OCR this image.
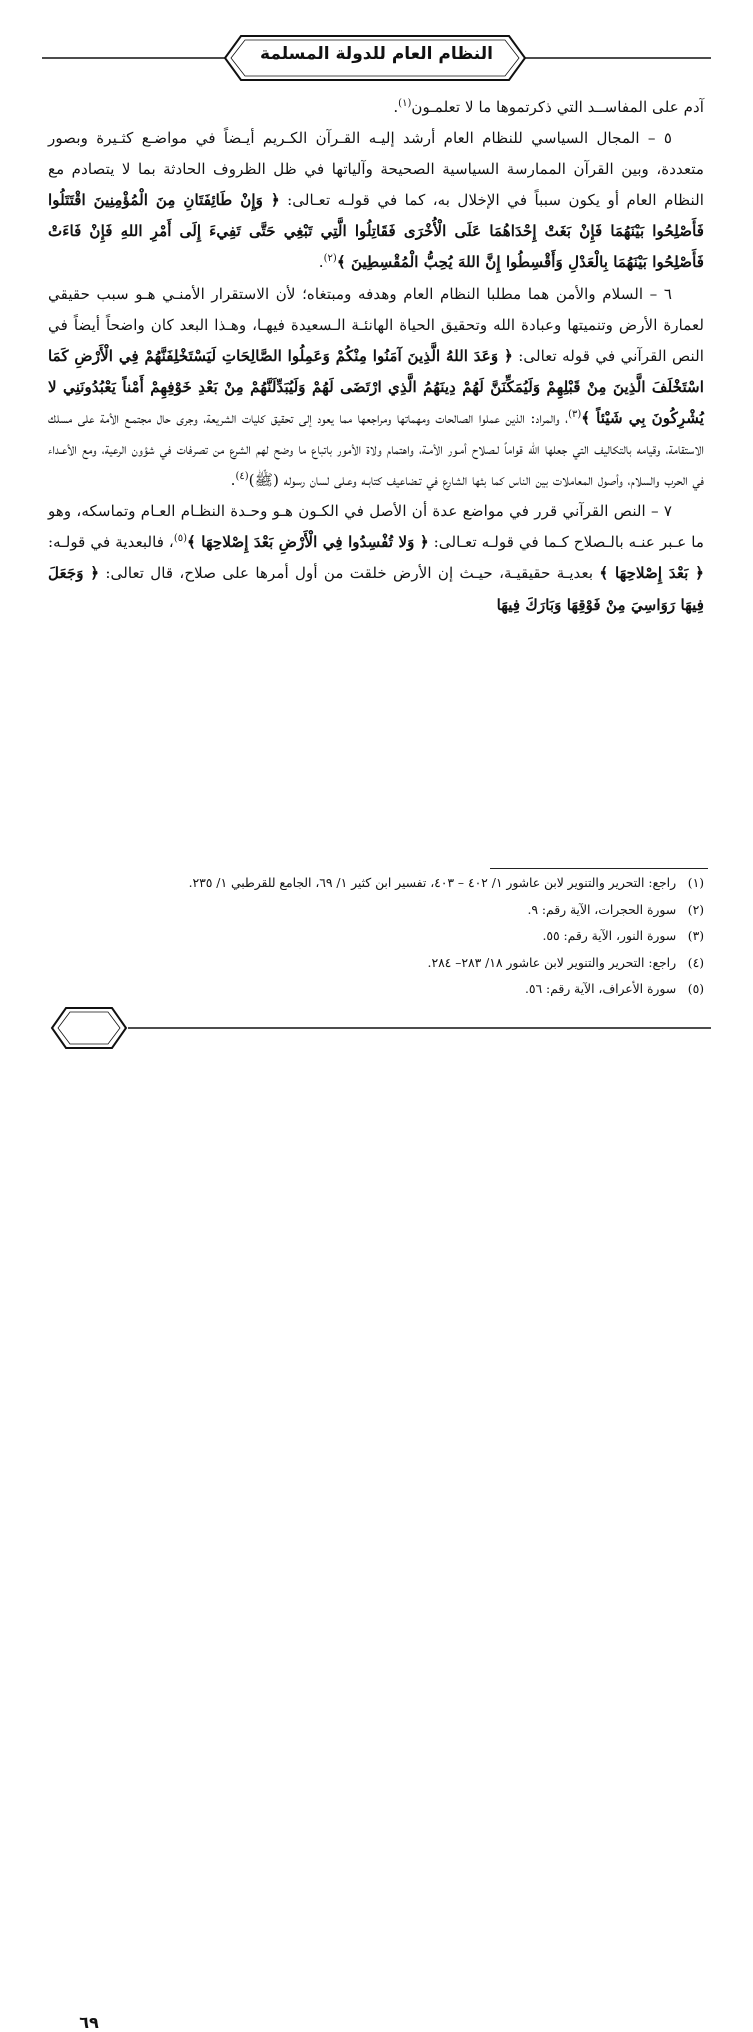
النظام العام للدولة المسلمة

آدم على المفاســد التي ذكرتموها ما لا تعلمـون$^{(١)}$.

٥ – المجال السياسي للنظام العام أرشد إليـه القـرآن الكـريم أيـضاً في مواضـع كثـيرة وبصور متعددة، وبين القرآن الممارسة السياسية الصحيحة وآلياتها في ظل الظروف الحادثة بما لا يتصادم مع النظام العام أو يكون سبباً في الإخلال به، كما في قولـه تعـالى: ﴿ وَإِنْ طَائِفَتَانِ مِنَ الْمُؤْمِنِينَ اقْتَتَلُوا فَأَصْلِحُوا بَيْنَهُمَا فَإِنْ بَغَتْ إِحْدَاهُمَا عَلَى الْأُخْرَى فَقَاتِلُوا الَّتِي تَبْغِي حَتَّى تَفِيءَ إِلَى أَمْرِ اللهِ فَإِنْ فَاءَتْ فَأَصْلِحُوا بَيْنَهُمَا بِالْعَدْلِ وَأَقْسِطُوا إِنَّ اللهَ يُحِبُّ الْمُقْسِطِينَ ﴾$^{(٢)}$.

٦ – السلام والأمن هما مطلبا النظام العام وهدفه ومبتغاه؛ لأن الاستقرار الأمنـي هـو سبب حقيقي لعمارة الأرض وتنميتها وعبادة الله وتحقيق الحياة الهانئـة الـسعيدة فيهـا، وهـذا البعد كان واضحاً أيضاً في النص القرآني في قوله تعالى: ﴿ وَعَدَ اللهُ الَّذِينَ آمَنُوا مِنْكُمْ وَعَمِلُوا الصَّالِحَاتِ لَيَسْتَخْلِفَنَّهُمْ فِي الْأَرْضِ كَمَا اسْتَخْلَفَ الَّذِينَ مِنْ قَبْلِهِمْ وَلَيُمَكِّنَنَّ لَهُمْ دِينَهُمُ الَّذِي ارْتَضَى لَهُمْ وَلَيُبَدِّلَنَّهُمْ مِنْ بَعْدِ خَوْفِهِمْ أَمْناً يَعْبُدُونَنِي لا يُشْرِكُونَ بِي شَيْئاً ﴾$^{(٣)}$، والمراد: الذين عملوا الصالحات ومهماتها ومراجعها مما يعود إلى تحقيق كليات الشريعة، وجرى حال مجتمـع الأمة على مسلك الاستقامة، وقيامه بالتكاليف التي جعلها الله قواماً لـصلاح أمـور الأمـة، واهتمام ولاة الأمور باتباع ما وضح لهم الشرع من تصرفات في شؤون الرعية، ومع الأعـداء في الحرب والسلام، وأصول المعاملات بين الناس كما بثها الشارع في تـضاعيف كتابـه وعـلى لسان رسوله (ﷺ)$^{(٤)}$.

٧ – النص القرآني قرر في مواضع عدة أن الأصل في الكـون هـو وحـدة النظـام العـام وتماسكه، وهو ما عـبر عنـه بالـصلاح كـما في قولـه تعـالى: ﴿ وَلا تُفْسِدُوا فِي الْأَرْضِ بَعْدَ إِصْلاحِهَا ﴾$^{(٥)}$، فالبعدية في قولـه: ﴿ بَعْدَ إِصْلاحِهَا ﴾ بعديـة حقيقيـة، حيـث إن الأرض خلقت من أول أمرها على صلاح، قال تعالى: ﴿ وَجَعَلَ فِيهَا رَوَاسِيَ مِنْ فَوْقِهَا وَبَارَكَ فِيهَا

(١)   راجع: التحرير والتنوير لابن عاشور ١/ ٤٠٢ – ٤٠٣، تفسير ابن كثير ١/ ٦٩، الجامع للقرطبي ١/ ٢٣٥.
(٢)   سورة الحجرات، الآية رقم: ٩.
(٣)   سورة النور، الآية رقم: ٥٥.
(٤)   راجع: التحرير والتنوير لابن عاشور ١٨/ ٢٨٣– ٢٨٤.
(٥)   سورة الأعراف، الآية رقم: ٥٦.
٦٩
